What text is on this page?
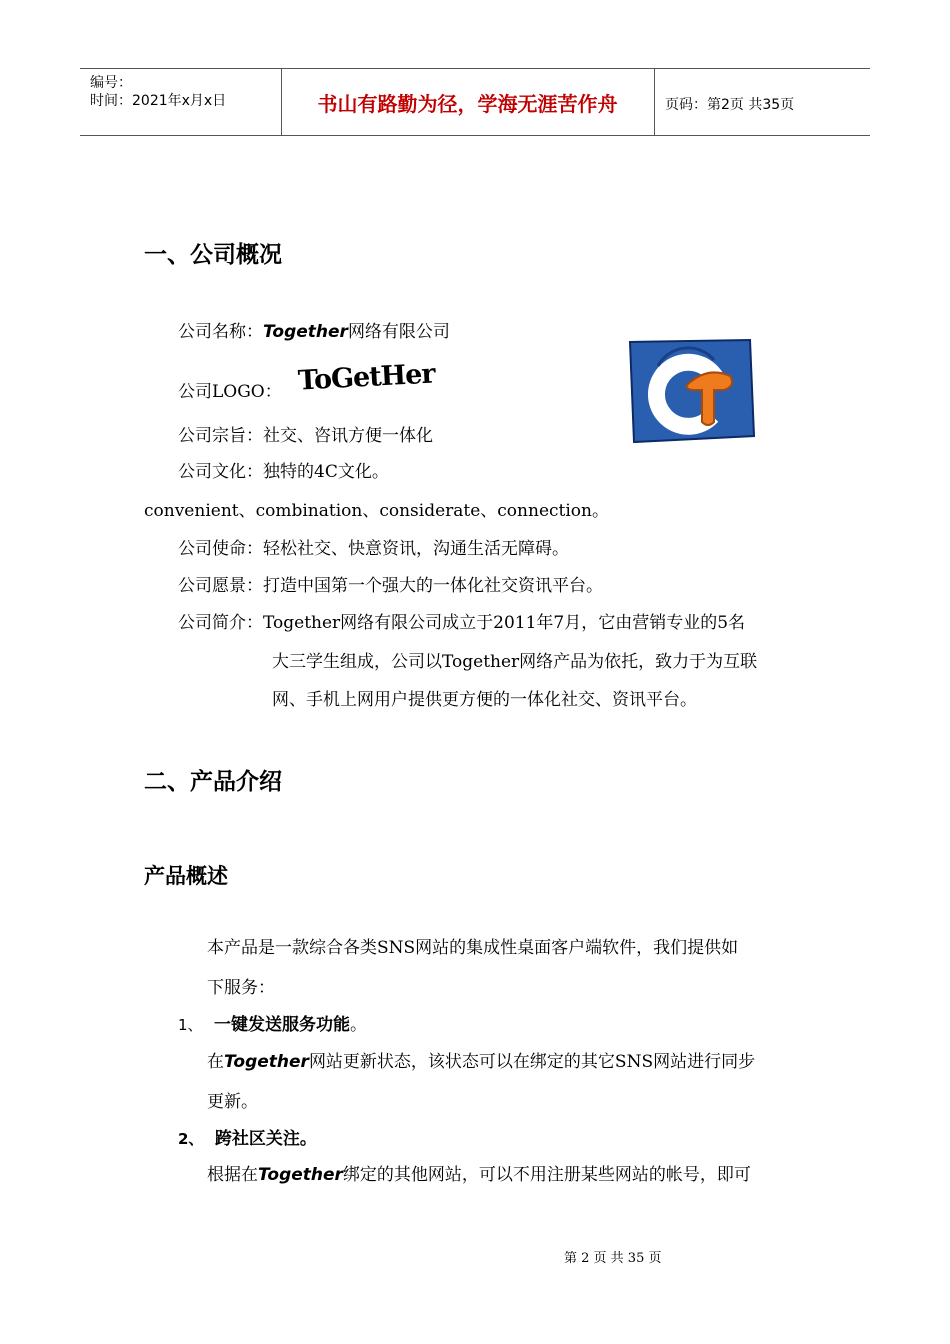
编号：
时间：2021年x月x日	书山有路勤为径，学海无涯苦作舟	页码：第2页 共35页
一、公司概况
公司名称：Together网络有限公司
公司LOGO： ToGetHer
公司宗旨：社交、咨讯方便一体化
公司文化：独特的4C文化。
convenient、combination、considerate、connection。
公司使命：轻松社交、快意资讯，沟通生活无障碍。
公司愿景：打造中国第一个强大的一体化社交资讯平台。
公司简介：Together网络有限公司成立于2011年7月，它由营销专业的5名
大三学生组成，公司以Together网络产品为依托，致力于为互联
网、手机上网用户提供更方便的一体化社交、资讯平台。
二、产品介绍
产品概述
本产品是一款综合各类SNS网站的集成性桌面客户端软件，我们提供如
下服务：
1、 一键发送服务功能。
在Together网站更新状态，该状态可以在绑定的其它SNS网站进行同步
更新。
2、 跨社区关注。
根据在Together绑定的其他网站，可以不用注册某些网站的帐号，即可
第 2 页 共 35 页
